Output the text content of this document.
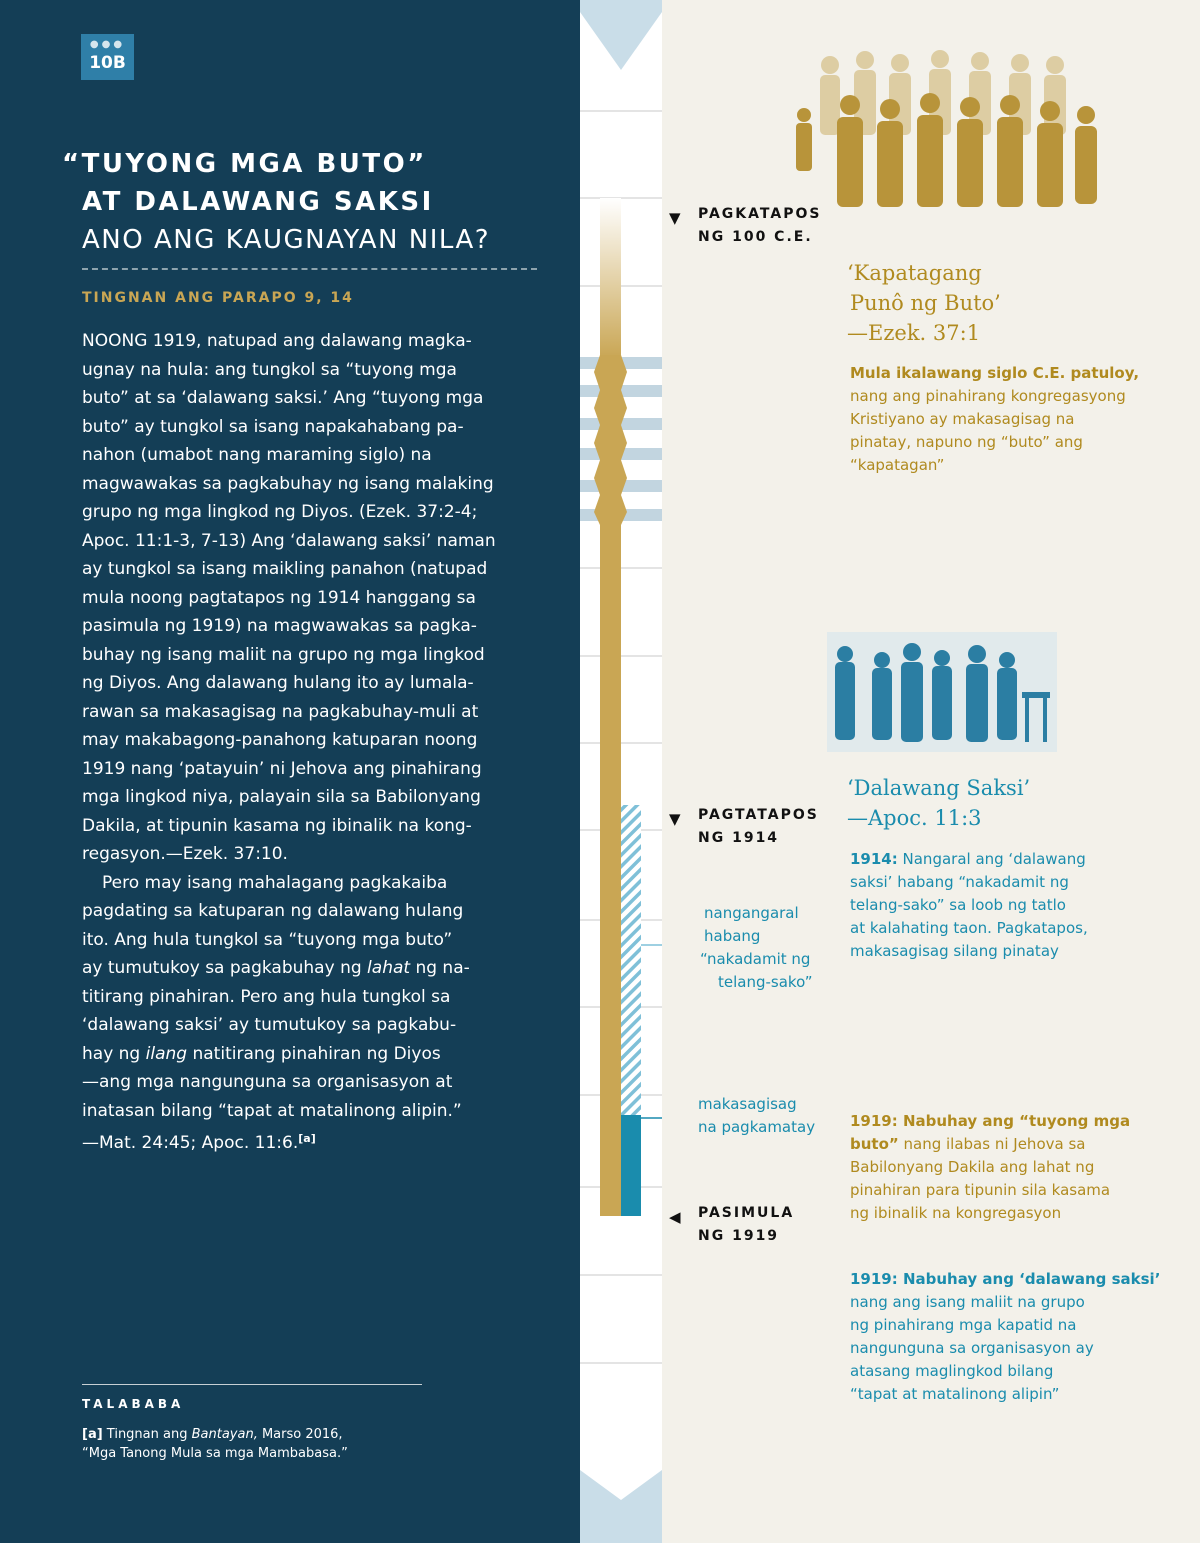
●●●
10B
“TUYONG MGA BUTO”
AT DALAWANG SAKSI
ANO ANG KAUGNAYAN NILA?
TINGNAN ANG PARAPO 9, 14

NOONG 1919, natupad ang dalawang magka-
ugnay na hula: ang tungkol sa “tuyong mga
buto” at sa ‘dalawang saksi.’ Ang “tuyong mga
buto” ay tungkol sa isang napakahabang pa-
nahon (umabot nang maraming siglo) na
magwawakas sa pagkabuhay ng isang malaking
grupo ng mga lingkod ng Diyos. (Ezek. 37:2-4;
Apoc. 11:1-3, 7-13) Ang ‘dalawang saksi’ naman
ay tungkol sa isang maikling panahon (natupad
mula noong pagtatapos ng 1914 hanggang sa
pasimula ng 1919) na magwawakas sa pagka-
buhay ng isang maliit na grupo ng mga lingkod
ng Diyos. Ang dalawang hulang ito ay lumala-
rawan sa makasagisag na pagkabuhay-muli at
may makabagong-panahong katuparan noong
1919 nang ‘patayuin’ ni Jehova ang pinahirang
mga lingkod niya, palayain sila sa Babilonyang
Dakila, at tipunin kasama ng ibinalik na kong-
regasyon.—Ezek. 37:10.

Pero may isang mahalagang pagkakaiba
pagdating sa katuparan ng dalawang hulang
ito. Ang hula tungkol sa “tuyong mga buto”
ay tumutukoy sa pagkabuhay ng lahat ng na-
titirang pinahiran. Pero ang hula tungkol sa
‘dalawang saksi’ ay tumutukoy sa pagkabu-
hay ng ilang natitirang pinahiran ng Diyos
—ang mga nangunguna sa organisasyon at
inatasan bilang “tapat at matalinong alipin.”
—Mat. 24:45; Apoc. 11:6.[a]

TALABABA
[a] Tingnan ang Bantayan, Marso 2016,
“Mga Tanong Mula sa mga Mambabasa.”
▼ PAGKATAPOS
NG 100 C.E.
‘Kapatagang
Punô ng Buto’
—Ezek. 37:1
Mula ikalawang siglo C.E. patuloy,
nang ang pinahirang kongregasyong
Kristiyano ay makasagisag na
pinatay, napuno ng “buto” ang
“kapatagan”
‘Dalawang Saksi’
—Apoc. 11:3
▼ PAGTATAPOS
NG 1914
1914: Nangaral ang ‘dalawang
saksi’ habang “nakadamit ng
telang-sako” sa loob ng tatlo
at kalahating taon. Pagkatapos,
makasagisag silang pinatay
nangangaral
habang
“nakadamit ng
telang-sako”
makasagisag
na pagkamatay 1919: Nabuhay ang “tuyong mga
buto” nang ilabas ni Jehova sa
Babilonyang Dakila ang lahat ng
pinahiran para tipunin sila kasama
ng ibinalik na kongregasyon
◀ PASIMULA
NG 1919
1919: Nabuhay ang ‘dalawang saksi’
nang ang isang maliit na grupo
ng pinahirang mga kapatid na
nangunguna sa organisasyon ay
atasang maglingkod bilang
“tapat at matalinong alipin”
